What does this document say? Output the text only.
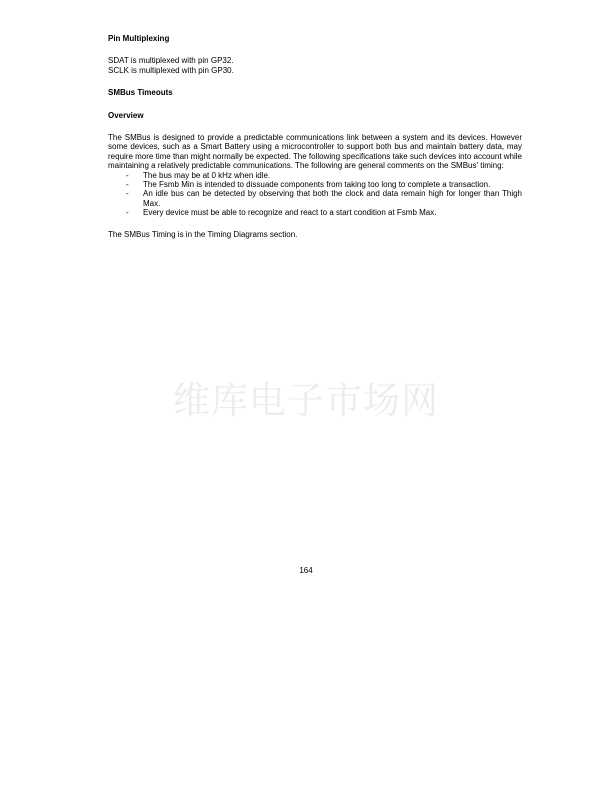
Pin Multiplexing

SDAT is multiplexed with pin GP32.

SCLK is multiplexed with pin GP30.

SMBus Timeouts

Overview

The SMBus is designed to provide a predictable communications link between a system and its devices. However some devices, such as a Smart Battery using a microcontroller to support both bus and maintain battery data, may require more time than might normally be expected. The following specifications take such devices into account while maintaining a relatively predictable communications. The following are general comments on the SMBus' timing:

- The bus may be at 0 kHz when idle.
- The Fsmb Min is intended to dissuade components from taking too long to complete a transaction.
- An idle bus can be detected by observing that both the clock and data remain high for longer than Thigh Max.
- Every device must be able to recognize and react to a start condition at Fsmb Max.

The SMBus Timing is in the Timing Diagrams section.

维库电子市场网
164
